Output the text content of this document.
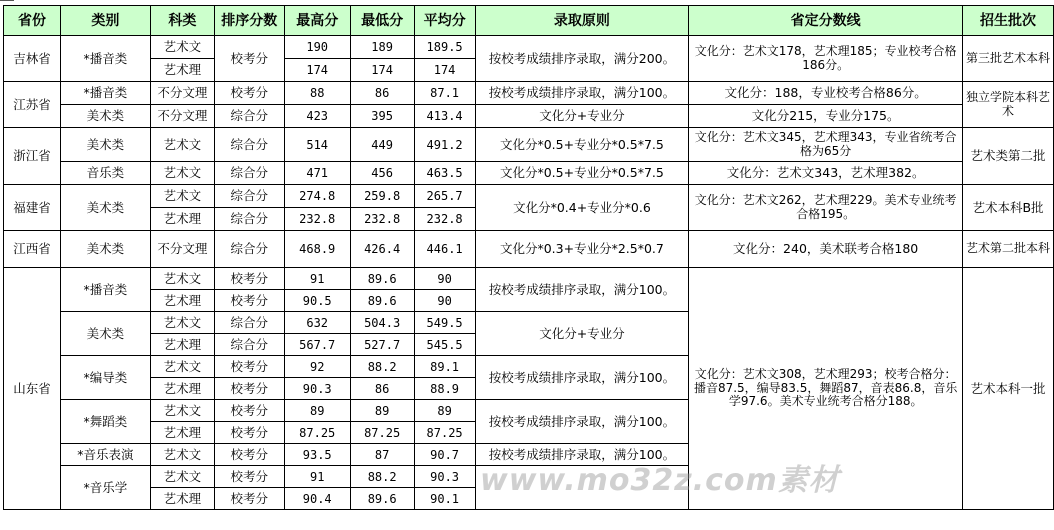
省份	类别	科类	排序分数	最高分	最低分	平均分	录取原则	省定分数线	招生批次
吉林省	*播音类	艺术文	校考分	190	189	189.5	按校考成绩排序录取，满分200。	文化分：艺术文178，艺术理185；专业校考合格186分。	第三批艺术本科
		艺术理		174	174	174			
江苏省	*播音类	不分文理	校考分	88	86	87.1	按校考成绩排序录取，满分100。	文化分：188，专业校考合格86分。	独立学院本科艺术
	美术类	不分文理	综合分	423	395	413.4	文化分+专业分	文化分215，专业分175。	
浙江省	美术类	艺术文	综合分	514	449	491.2	文化分*0.5+专业分*0.5*7.5	文化分：艺术文345，艺术理343，专业省统考合格为65分	艺术类第二批
	音乐类	艺术文	综合分	471	456	463.5	文化分*0.5+专业分*0.5*7.5	文化分：艺术文343，艺术理382。	
福建省	美术类	艺术文	综合分	274.8	259.8	265.7	文化分*0.4+专业分*0.6	文化分：艺术文262，艺术理229。美术专业统考合格195。	艺术本科B批
		艺术理	综合分	232.8	232.8	232.8			
江西省	美术类	不分文理	综合分	468.9	426.4	446.1	文化分*0.3+专业分*2.5*0.7	文化分：240，美术联考合格180	艺术第二批本科
山东省	*播音类	艺术文	校考分	91	89.6	90	按校考成绩排序录取，满分100。	文化分：艺术文308，艺术理293；校考合格分：播音87.5，编导83.5，舞蹈87，音表86.8，音乐学97.6。美术专业统考合格分188。	艺术本科一批
		艺术理	校考分	90.5	89.6	90			
	美术类	艺术文	综合分	632	504.3	549.5	文化分+专业分		
		艺术理	综合分	567.7	527.7	545.5			
	*编导类	艺术文	校考分	92	88.2	89.1	按校考成绩排序录取，满分100。		
		艺术理	校考分	90.3	86	88.9			
	*舞蹈类	艺术文	校考分	89	89	89	按校考成绩排序录取，满分100。		
		艺术理	校考分	87.25	87.25	87.25			
	*音乐表演	艺术文	校考分	93.5	87	90.7	按校考成绩排序录取，满分100。		
	*音乐学	艺术文	校考分	91	88.2	90.3			
		艺术理	校考分	90.4	89.6	90.1			
www.mo32z.com素材
